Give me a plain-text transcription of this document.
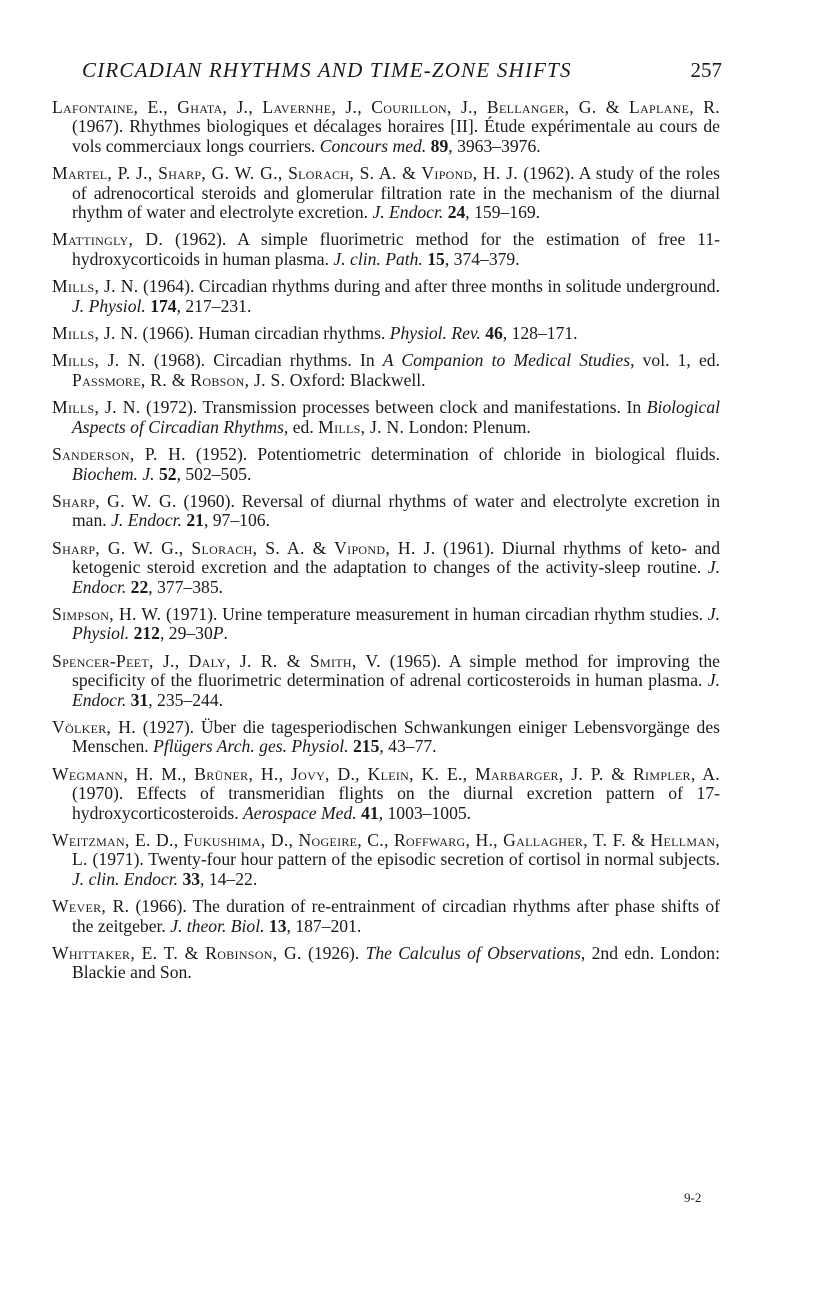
CIRCADIAN RHYTHMS AND TIME-ZONE SHIFTS	257
Lafontaine, E., Ghata, J., Lavernhe, J., Courillon, J., Bellanger, G. & Laplane, R. (1967). Rhythmes biologiques et décalages horaires [II]. Étude expérimentale au cours de vols commerciaux longs courriers. Concours med. 89, 3963–3976.
Martel, P. J., Sharp, G. W. G., Slorach, S. A. & Vipond, H. J. (1962). A study of the roles of adrenocortical steroids and glomerular filtration rate in the mechanism of the diurnal rhythm of water and electrolyte excretion. J. Endocr. 24, 159–169.
Mattingly, D. (1962). A simple fluorimetric method for the estimation of free 11-hydroxycorticoids in human plasma. J. clin. Path. 15, 374–379.
Mills, J. N. (1964). Circadian rhythms during and after three months in solitude underground. J. Physiol. 174, 217–231.
Mills, J. N. (1966). Human circadian rhythms. Physiol. Rev. 46, 128–171.
Mills, J. N. (1968). Circadian rhythms. In A Companion to Medical Studies, vol. 1, ed. Passmore, R. & Robson, J. S. Oxford: Blackwell.
Mills, J. N. (1972). Transmission processes between clock and manifestations. In Biological Aspects of Circadian Rhythms, ed. Mills, J. N. London: Plenum.
Sanderson, P. H. (1952). Potentiometric determination of chloride in biological fluids. Biochem. J. 52, 502–505.
Sharp, G. W. G. (1960). Reversal of diurnal rhythms of water and electrolyte excretion in man. J. Endocr. 21, 97–106.
Sharp, G. W. G., Slorach, S. A. & Vipond, H. J. (1961). Diurnal rhythms of keto- and ketogenic steroid excretion and the adaptation to changes of the activity-sleep routine. J. Endocr. 22, 377–385.
Simpson, H. W. (1971). Urine temperature measurement in human circadian rhythm studies. J. Physiol. 212, 29–30P.
Spencer-Peet, J., Daly, J. R. & Smith, V. (1965). A simple method for improving the specificity of the fluorimetric determination of adrenal corticosteroids in human plasma. J. Endocr. 31, 235–244.
Völker, H. (1927). Über die tagesperiodischen Schwankungen einiger Lebensvorgänge des Menschen. Pflügers Arch. ges. Physiol. 215, 43–77.
Wegmann, H. M., Brüner, H., Jovy, D., Klein, K. E., Marbarger, J. P. & Rimpler, A. (1970). Effects of transmeridian flights on the diurnal excretion pattern of 17-hydroxycorticosteroids. Aerospace Med. 41, 1003–1005.
Weitzman, E. D., Fukushima, D., Nogeire, C., Roffwarg, H., Gallagher, T. F. & Hellman, L. (1971). Twenty-four hour pattern of the episodic secretion of cortisol in normal subjects. J. clin. Endocr. 33, 14–22.
Wever, R. (1966). The duration of re-entrainment of circadian rhythms after phase shifts of the zeitgeber. J. theor. Biol. 13, 187–201.
Whittaker, E. T. & Robinson, G. (1926). The Calculus of Observations, 2nd edn. London: Blackie and Son.
9-2
